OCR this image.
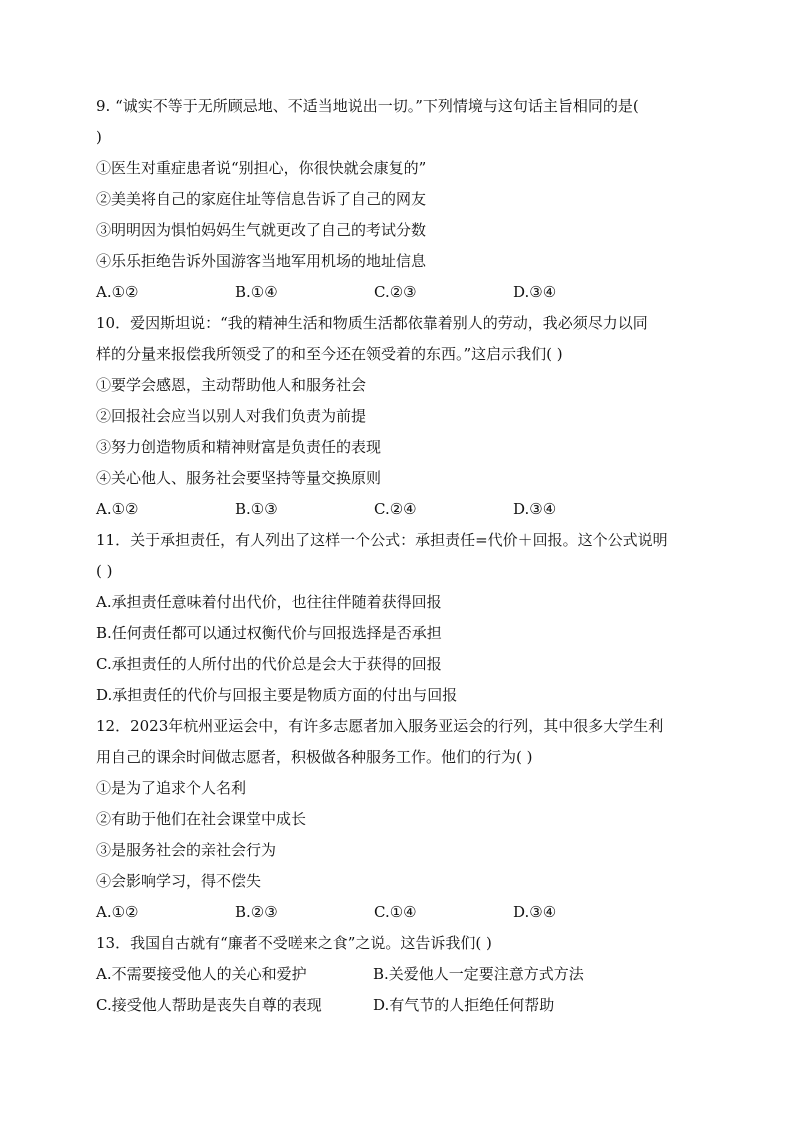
9. “诚实不等于无所顾忌地、不适当地说出一切。”下列情境与这句话主旨相同的是(
)
①医生对重症患者说“别担心，你很快就会康复的”
②美美将自己的家庭住址等信息告诉了自己的网友
③明明因为惧怕妈妈生气就更改了自己的考试分数
④乐乐拒绝告诉外国游客当地军用机场的地址信息
A.①②	B.①④	C.②③	D.③④
10．爱因斯坦说：“我的精神生活和物质生活都依靠着别人的劳动，我必须尽力以同
样的分量来报偿我所领受了的和至今还在领受着的东西。”这启示我们( )
①要学会感恩，主动帮助他人和服务社会
②回报社会应当以别人对我们负责为前提
③努力创造物质和精神财富是负责任的表现
④关心他人、服务社会要坚持等量交换原则
A.①②	B.①③	C.②④	D.③④
11．关于承担责任，有人列出了这样一个公式：承担责任=代价＋回报。这个公式说明
( )
A.承担责任意味着付出代价，也往往伴随着获得回报
B.任何责任都可以通过权衡代价与回报选择是否承担
C.承担责任的人所付出的代价总是会大于获得的回报
D.承担责任的代价与回报主要是物质方面的付出与回报
12．2023年杭州亚运会中，有许多志愿者加入服务亚运会的行列，其中很多大学生利
用自己的课余时间做志愿者，积极做各种服务工作。他们的行为( )
①是为了追求个人名利
②有助于他们在社会课堂中成长
③是服务社会的亲社会行为
④会影响学习，得不偿失
A.①②	B.②③	C.①④	D.③④
13．我国自古就有“廉者不受嗟来之食”之说。这告诉我们( )
A.不需要接受他人的关心和爱护	B.关爱他人一定要注意方式方法
C.接受他人帮助是丧失自尊的表现	D.有气节的人拒绝任何帮助
